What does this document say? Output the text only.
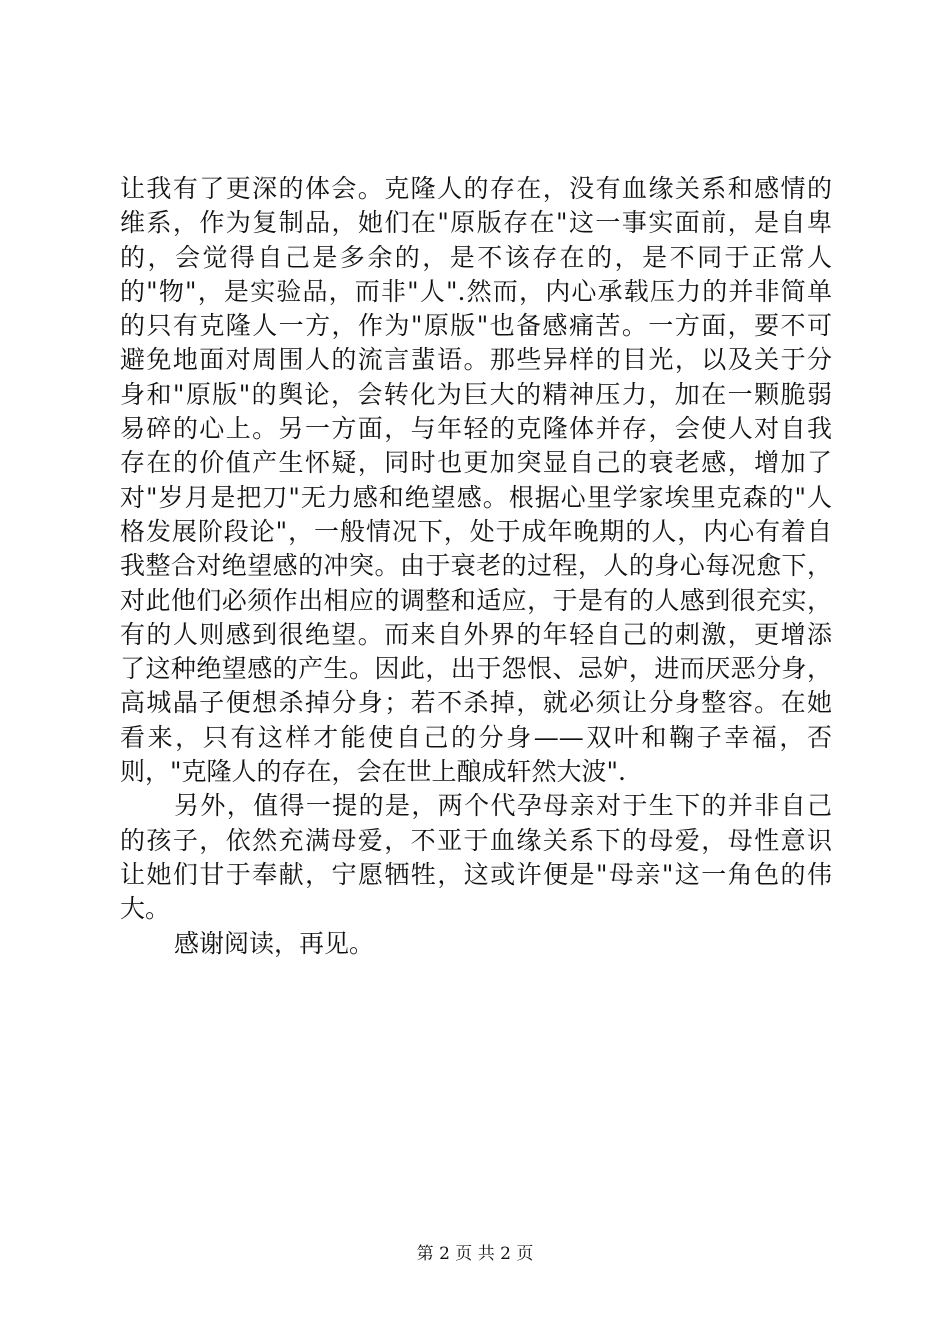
让我有了更深的体会。克隆人的存在，没有血缘关系和感情的
维系，作为复制品，她们在"原版存在"这一事实面前，是自卑
的，会觉得自己是多余的，是不该存在的，是不同于正常人
的"物"，是实验品，而非"人".然而，内心承载压力的并非简单
的只有克隆人一方，作为"原版"也备感痛苦。一方面，要不可
避免地面对周围人的流言蜚语。那些异样的目光，以及关于分
身和"原版"的舆论，会转化为巨大的精神压力，加在一颗脆弱
易碎的心上。另一方面，与年轻的克隆体并存，会使人对自我
存在的价值产生怀疑，同时也更加突显自己的衰老感，增加了
对"岁月是把刀"无力感和绝望感。根据心里学家埃里克森的"人
格发展阶段论"，一般情况下，处于成年晚期的人，内心有着自
我整合对绝望感的冲突。由于衰老的过程，人的身心每况愈下，
对此他们必须作出相应的调整和适应，于是有的人感到很充实，
有的人则感到很绝望。而来自外界的年轻自己的刺激，更增添
了这种绝望感的产生。因此，出于怨恨、忌妒，进而厌恶分身，
高城晶子便想杀掉分身；若不杀掉，就必须让分身整容。在她
看来，只有这样才能使自己的分身——双叶和鞠子幸福，否
则，"克隆人的存在，会在世上酿成轩然大波".
另外，值得一提的是，两个代孕母亲对于生下的并非自己
的孩子，依然充满母爱，不亚于血缘关系下的母爱，母性意识
让她们甘于奉献，宁愿牺牲，这或许便是"母亲"这一角色的伟
大。
感谢阅读，再见。
第 2 页 共 2 页
